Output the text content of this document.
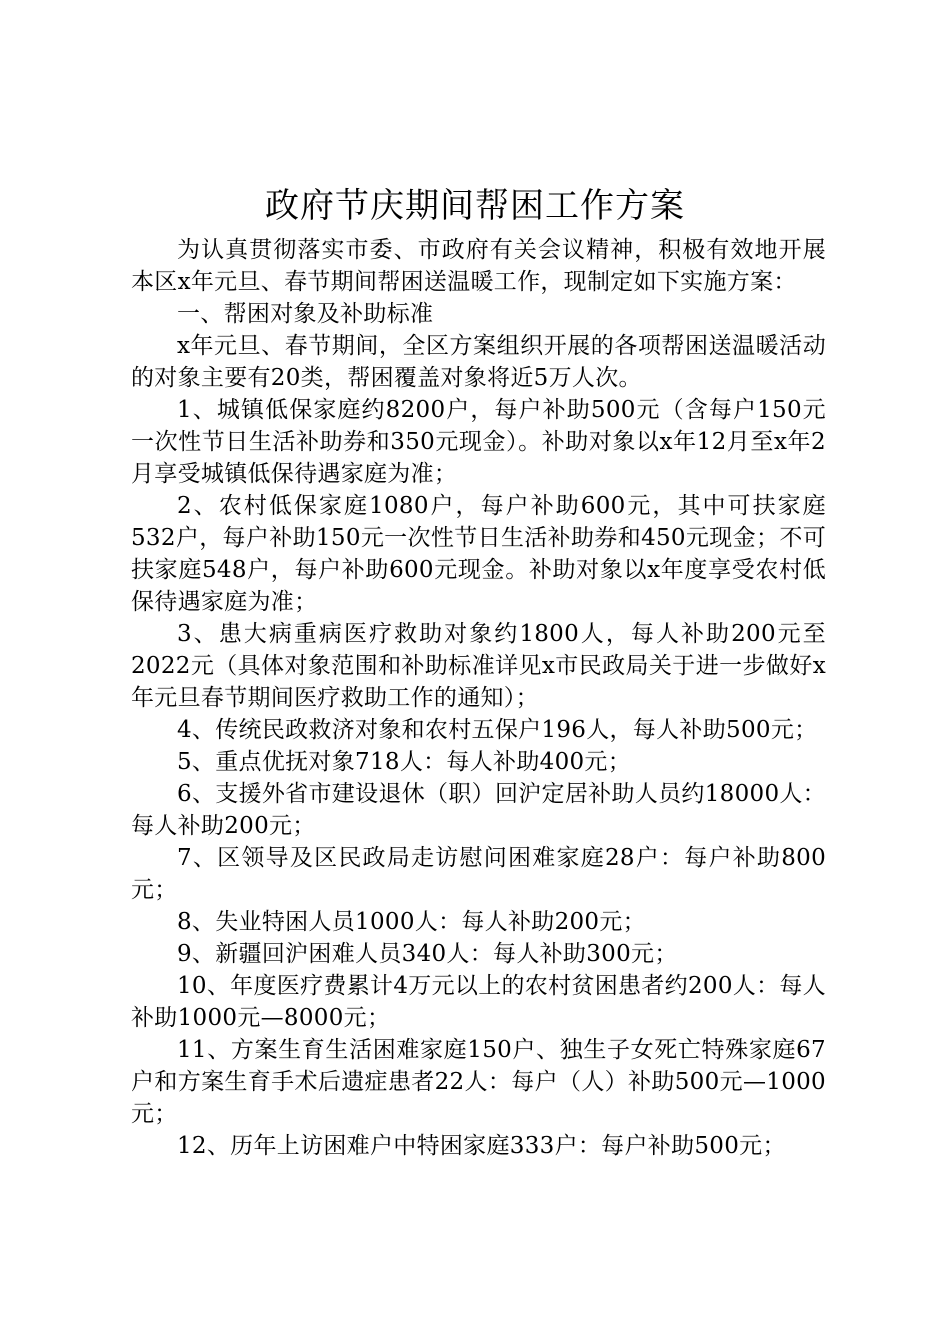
政府节庆期间帮困工作方案

为认真贯彻落实市委、市政府有关会议精神，积极有效地开展本区x年元旦、春节期间帮困送温暖工作，现制定如下实施方案：

一、帮困对象及补助标准

x年元旦、春节期间，全区方案组织开展的各项帮困送温暖活动的对象主要有20类，帮困覆盖对象将近5万人次。

1、城镇低保家庭约8200户，每户补助500元（含每户150元一次性节日生活补助券和350元现金）。补助对象以x年12月至x年2月享受城镇低保待遇家庭为准；

2、农村低保家庭1080户，每户补助600元，其中可扶家庭532户，每户补助150元一次性节日生活补助券和450元现金；不可扶家庭548户，每户补助600元现金。补助对象以x年度享受农村低保待遇家庭为准；

3、患大病重病医疗救助对象约1800人，每人补助200元至2022元（具体对象范围和补助标准详见x市民政局关于进一步做好x年元旦春节期间医疗救助工作的通知）；

4、传统民政救济对象和农村五保户196人，每人补助500元；

5、重点优抚对象718人：每人补助400元；

6、支援外省市建设退休（职）回沪定居补助人员约18000人：每人补助200元；

7、区领导及区民政局走访慰问困难家庭28户：每户补助800元；

8、失业特困人员1000人：每人补助200元；

9、新疆回沪困难人员340人：每人补助300元；

10、年度医疗费累计4万元以上的农村贫困患者约200人：每人补助1000元—8000元；

11、方案生育生活困难家庭150户、独生子女死亡特殊家庭67户和方案生育手术后遗症患者22人：每户（人）补助500元—1000元；

12、历年上访困难户中特困家庭333户：每户补助500元；
